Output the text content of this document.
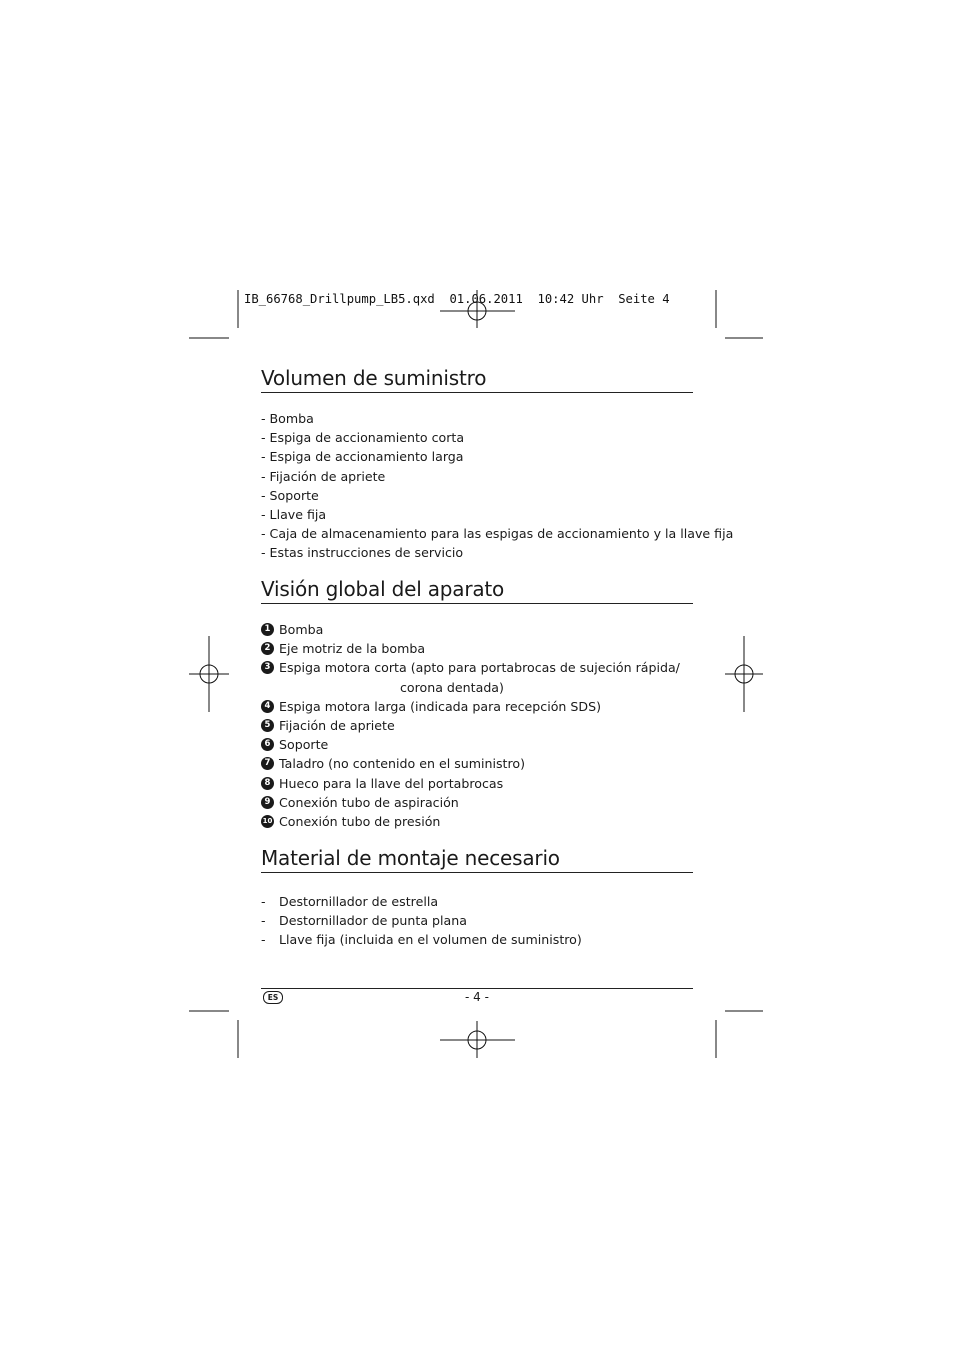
IB_66768_Drillpump_LB5.qxd  01.06.2011  10:42 Uhr  Seite 4
Volumen de suministro
- Bomba
- Espiga de accionamiento corta
- Espiga de accionamiento larga
- Fijación de apriete
- Soporte
- Llave fija
- Caja de almacenamiento para las espigas de accionamiento y la llave fija
- Estas instrucciones de servicio
Visión global del aparato
1 Bomba
2 Eje motriz de la bomba
3 Espiga motora corta (apto para portabrocas de sujeción rápida/
corona dentada)
4 Espiga motora larga (indicada para recepción SDS)
5 Fijación de apriete
6 Soporte
7 Taladro (no contenido en el suministro)
8 Hueco para la llave del portabrocas
9 Conexión tubo de aspiración
10 Conexión tubo de presión
Material de montaje necesario
- Destornillador de estrella
- Destornillador de punta plana
- Llave fija (incluida en el volumen de suministro)
ES	- 4 -
